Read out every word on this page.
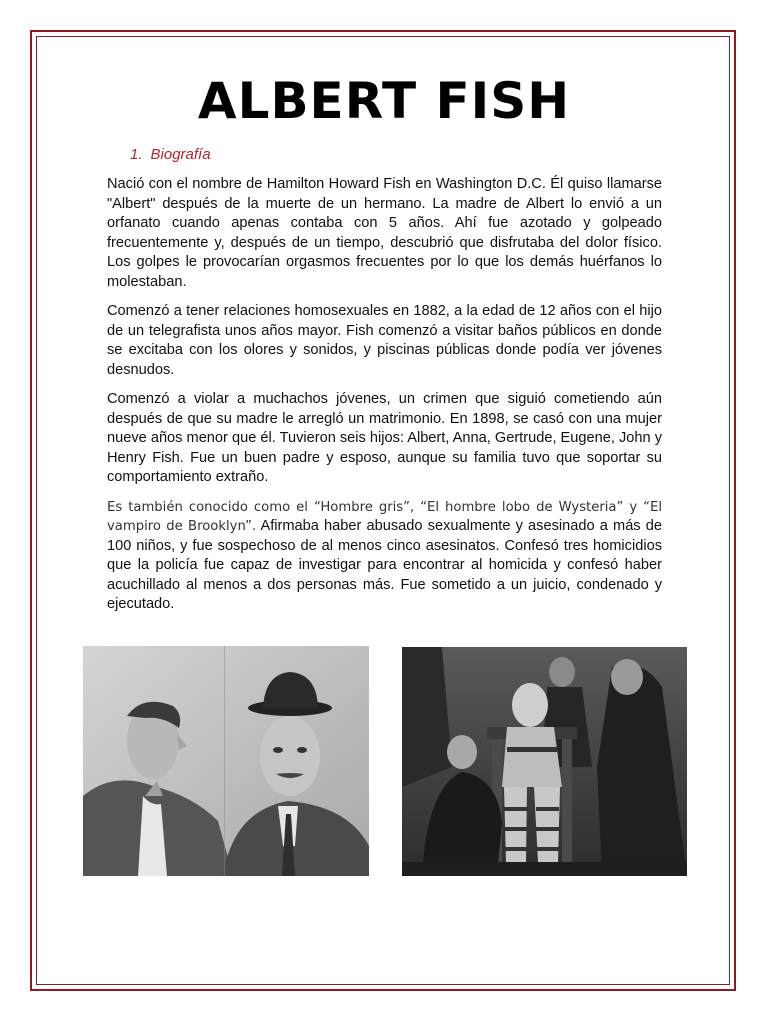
ALBERT FISH
1. Biografía

Nació con el nombre de Hamilton Howard Fish en Washington D.C. Él quiso llamarse "Albert" después de la muerte de un hermano. La madre de Albert lo envió a un orfanato cuando apenas contaba con 5 años. Ahí fue azotado y golpeado frecuentemente y, después de un tiempo, descubrió que disfrutaba del dolor físico. Los golpes le provocarían orgasmos frecuentes por lo que los demás huérfanos lo molestaban.

Comenzó a tener relaciones homosexuales en 1882, a la edad de 12 años con el hijo de un telegrafista unos años mayor. Fish comenzó a visitar baños públicos en donde se excitaba con los olores y sonidos, y piscinas públicas donde podía ver jóvenes desnudos.

Comenzó a violar a muchachos jóvenes, un crimen que siguió cometiendo aún después de que su madre le arregló un matrimonio. En 1898, se casó con una mujer nueve años menor que él. Tuvieron seis hijos: Albert, Anna, Gertrude, Eugene, John y Henry Fish. Fue un buen padre y esposo, aunque su familia tuvo que soportar su comportamiento extraño.

Es también conocido como el “Hombre gris”, “El hombre lobo de Wysteria” y “El vampiro de Brooklyn”. Afirmaba haber abusado sexualmente y asesinado a más de 100 niños, y fue sospechoso de al menos cinco asesinatos. Confesó tres homicidios que la policía fue capaz de investigar para encontrar al homicida y confesó haber acuchillado al menos a dos personas más. Fue sometido a un juicio, condenado y ejecutado.
